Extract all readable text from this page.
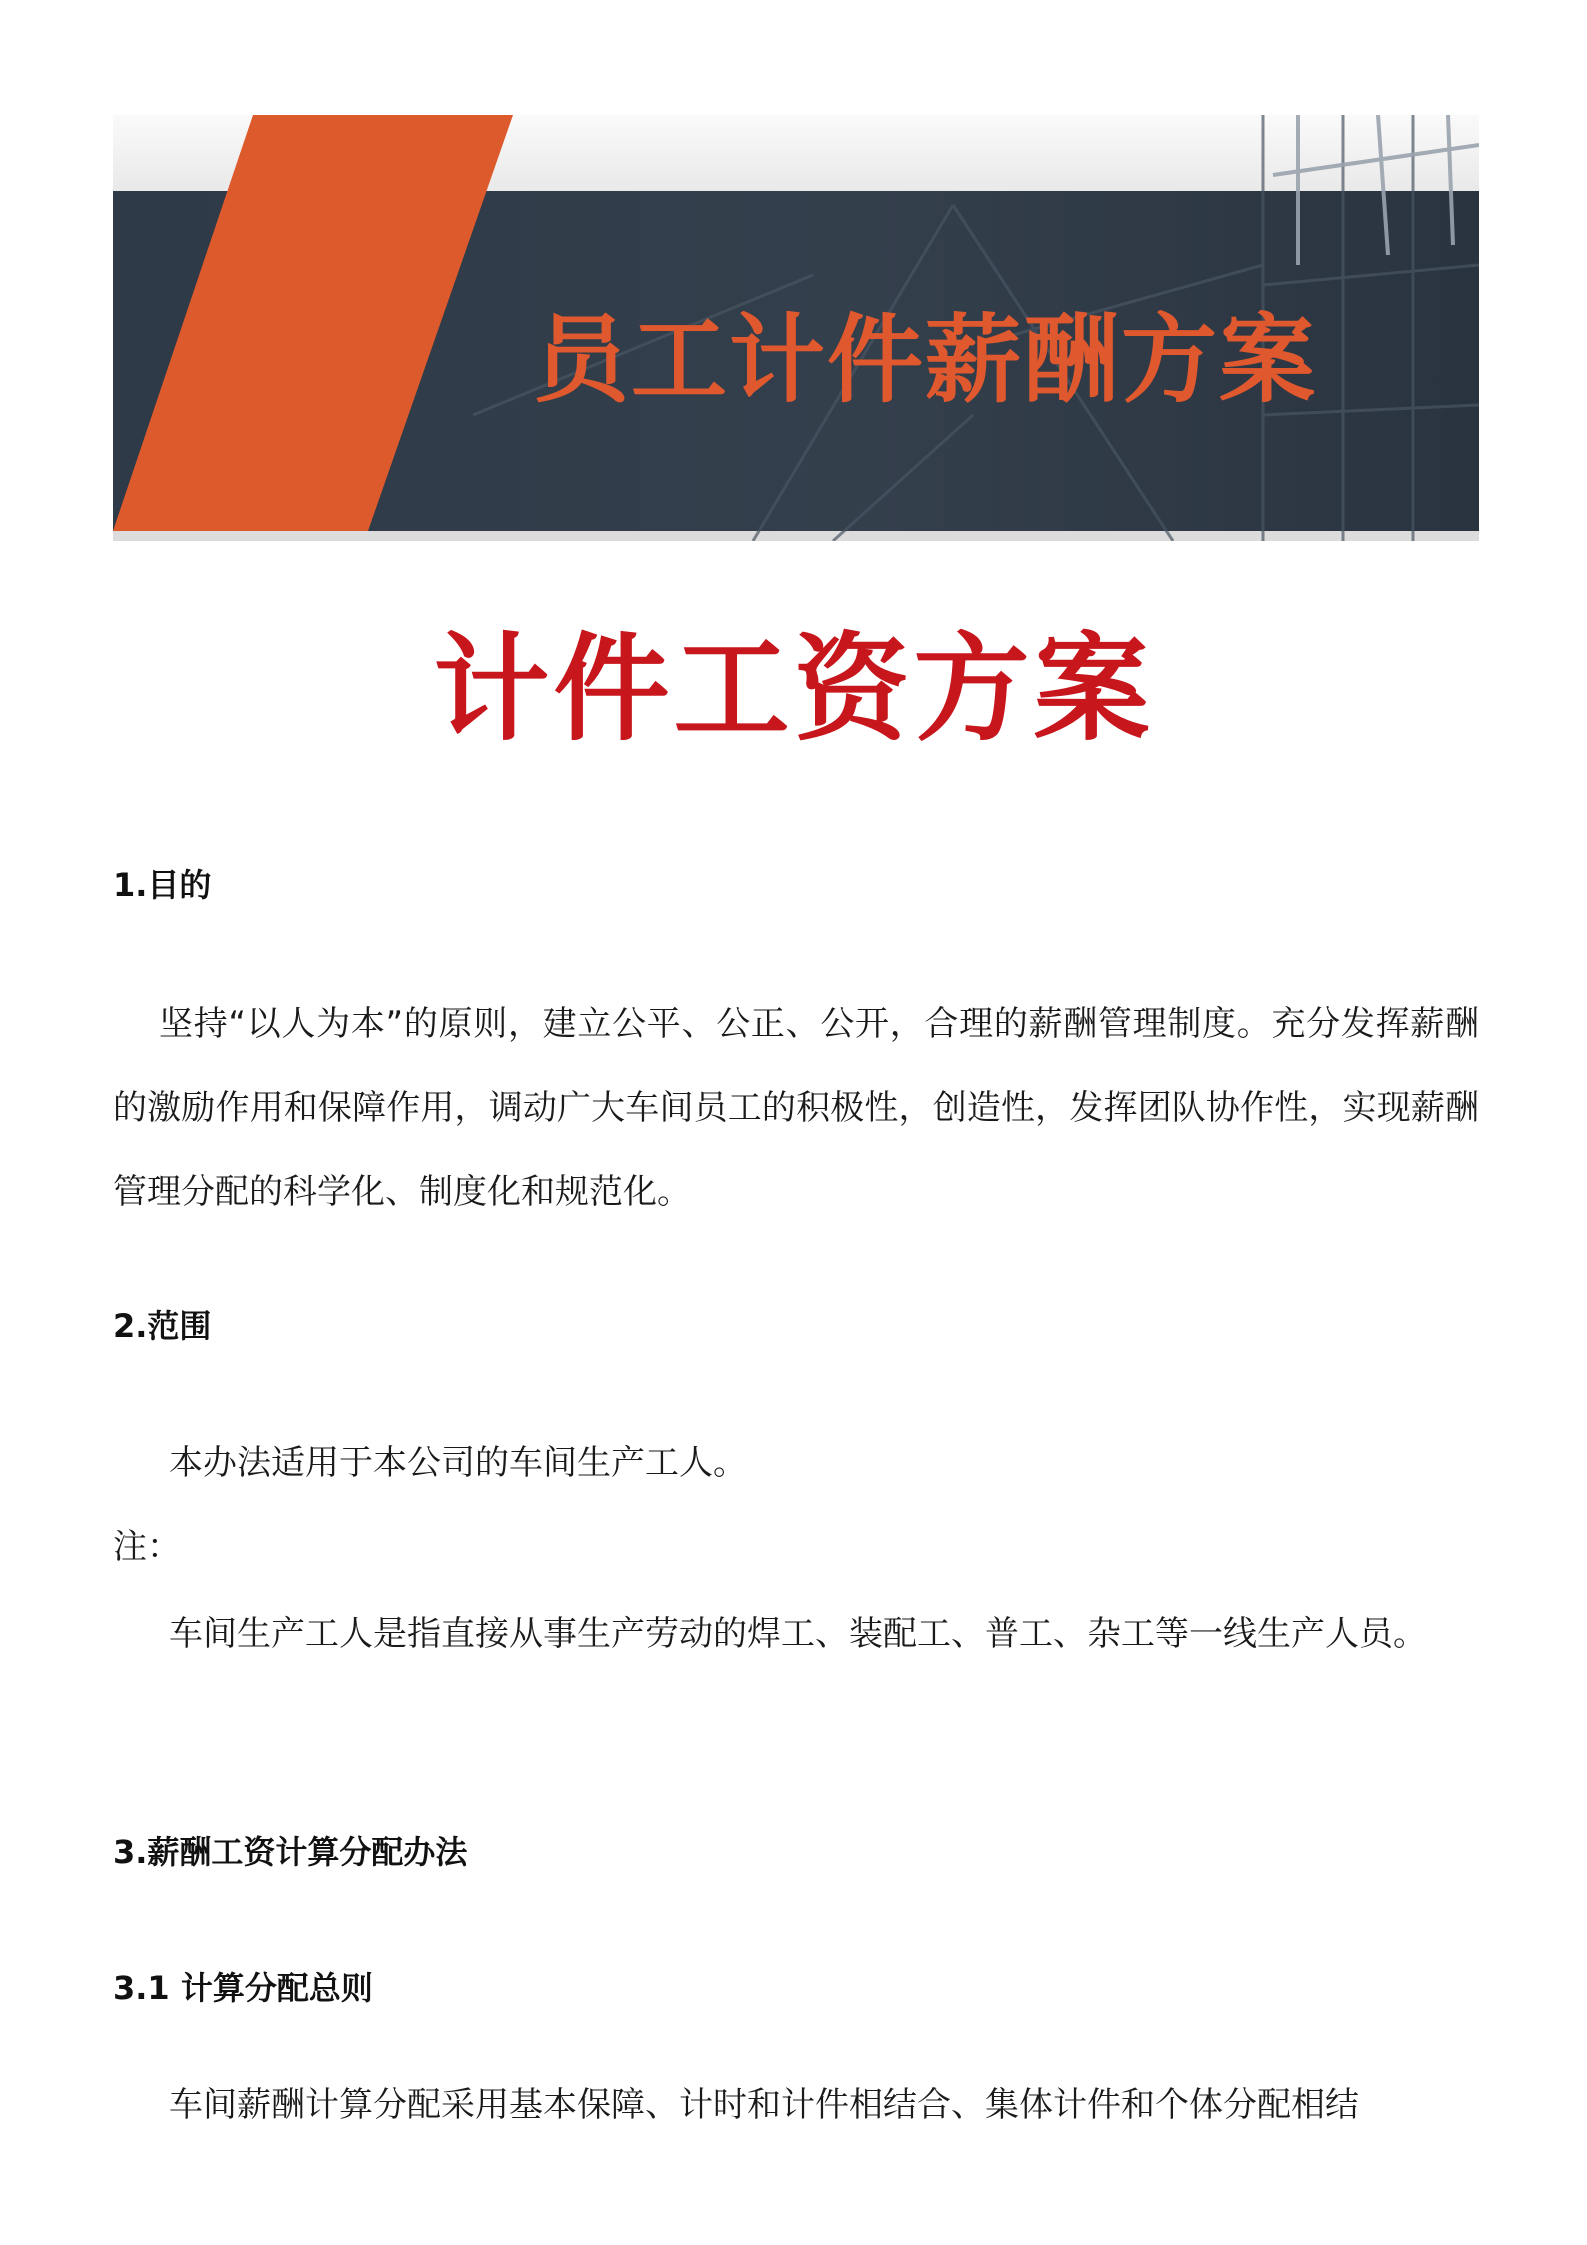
员工计件薪酬方案
计件工资方案
1.目的
坚持“以人为本”的原则，建立公平、公正、公开，合理的薪酬管理制度。充分发挥薪酬的激励作用和保障作用，调动广大车间员工的积极性，创造性，发挥团队协作性，实现薪酬管理分配的科学化、制度化和规范化。
2.范围
本办法适用于本公司的车间生产工人。
注：
车间生产工人是指直接从事生产劳动的焊工、装配工、普工、杂工等一线生产人员。
3.薪酬工资计算分配办法
3.1 计算分配总则
车间薪酬计算分配采用基本保障、计时和计件相结合、集体计件和个体分配相结
